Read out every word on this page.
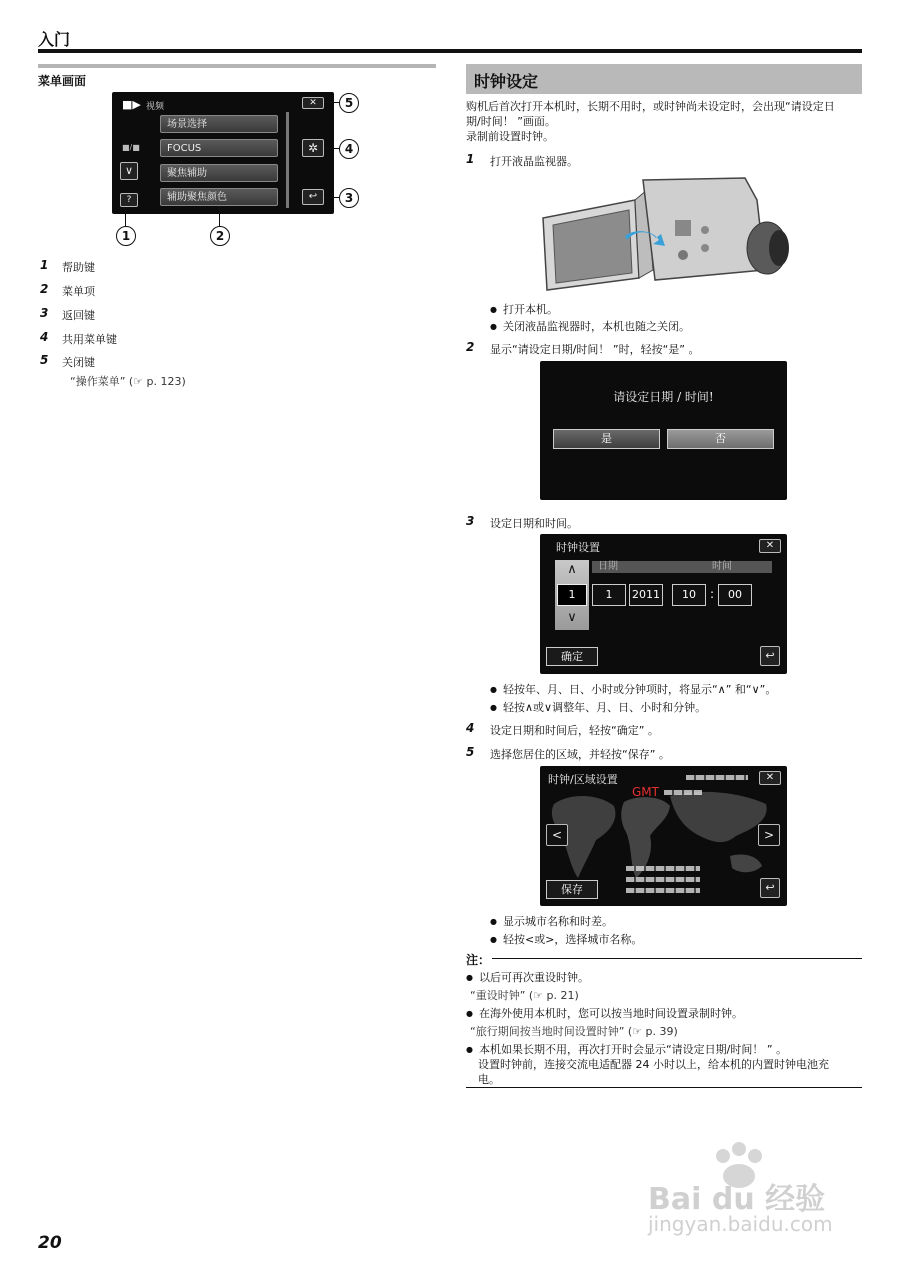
入门
菜单画面
■▶ 视频
■/■
∨
?
✕
✲
↩
场景选择
FOCUS
聚焦辅助
辅助聚焦颜色
5
4
3
1	2
1 帮助键
2 菜单项
3 返回键
4 共用菜单键
5 关闭键
“操作菜单” (☞ p. 123)
时钟设定
购机后首次打开本机时，长期不用时，或时钟尚未设定时，会出现“请设定日
期/时间！ ”画面。
录制前设置时钟。
1 打开液晶监视器。
● 打开本机。
● 关闭液晶监视器时，本机也随之关闭。
2 显示“请设定日期/时间！ ”时，轻按“是” 。
请设定日期 / 时间!
是	否
3 设定日期和时间。
时钟设置	✕
日期	时间
∧
∨
1	1	2011	10	:	00
确定	↩
● 轻按年、月、日、小时或分钟项时，将显示“∧” 和“∨”。
● 轻按∧或∨调整年、月、日、小时和分钟。
4 设定日期和时间后，轻按“确定” 。
5 选择您居住的区域，并轻按“保存” 。
时钟/区域设置	✕
GMT
<	>
保存	↩
● 显示城市名称和时差。
● 轻按<或>，选择城市名称。
注：
● 以后可再次重设时钟。
“重设时钟” (☞ p. 21)
● 在海外使用本机时，您可以按当地时间设置录制时钟。
“旅行期间按当地时间设置时钟” (☞ p. 39)
● 本机如果长期不用，再次打开时会显示“请设定日期/时间！ ” 。
设置时钟前，连接交流电适配器 24 小时以上，给本机的内置时钟电池充
电。
20
Bai du 经验
jingyan.baidu.com
